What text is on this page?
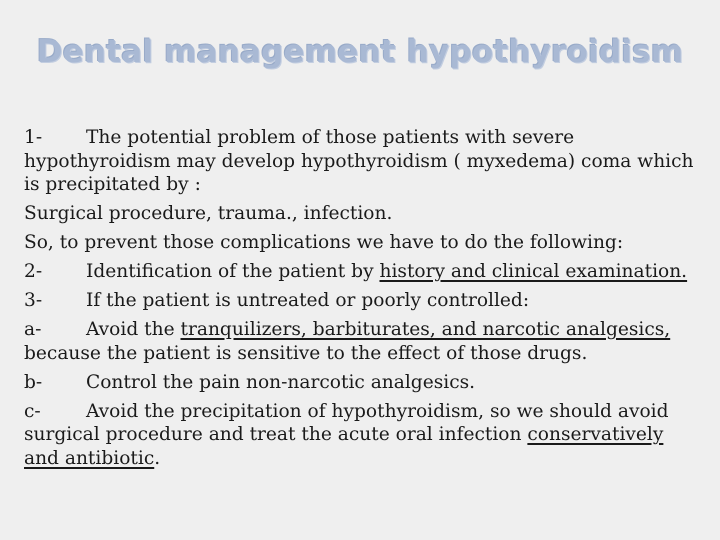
Dental management hypothyroidism

1- The potential problem of those patients with severe hypothyroidism may develop hypothyroidism ( myxedema) coma which is precipitated by :

Surgical procedure, trauma., infection.

So, to prevent those complications we have to do the following:

2- Identification of the patient by history and clinical examination.

3- If the patient is untreated or poorly controlled:

a- Avoid the tranquilizers, barbiturates, and narcotic analgesics, because the patient is sensitive to the effect of those drugs.

b- Control the pain non-narcotic analgesics.

c- Avoid the precipitation of hypothyroidism, so we should avoid surgical procedure and treat the acute oral infection conservatively and antibiotic.
